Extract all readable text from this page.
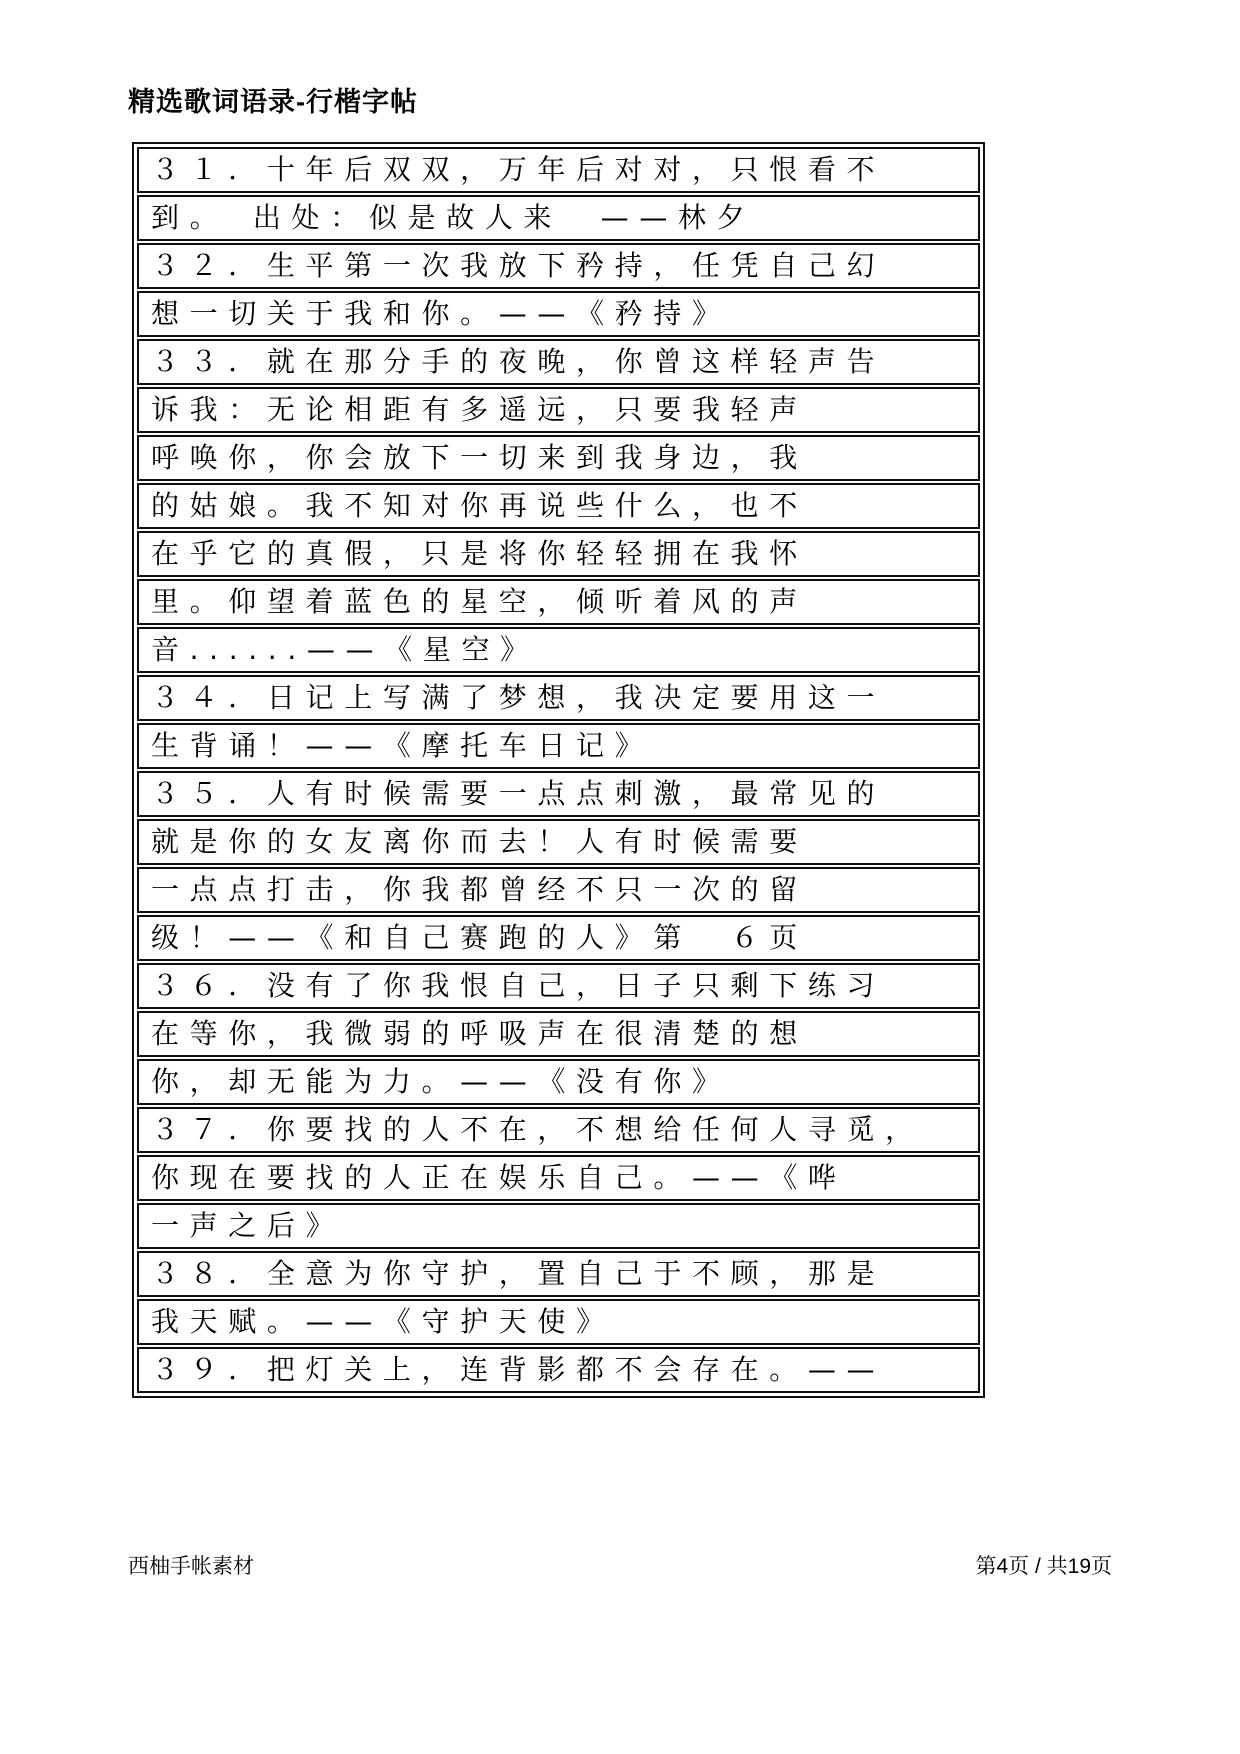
精选歌词语录-行楷字帖
３１．十年后双双，万年后对对，只恨看不
到。　出处：似是故人来　——林夕
３２．生平第一次我放下矜持，任凭自己幻
想一切关于我和你。——《矜持》
３３．就在那分手的夜晚，你曾这样轻声告
诉我：无论相距有多遥远，只要我轻声
呼唤你，你会放下一切来到我身边，我
的姑娘。我不知对你再说些什么，也不
在乎它的真假，只是将你轻轻拥在我怀
里。仰望着蓝色的星空，倾听着风的声
音......——《星空》
３４．日记上写满了梦想，我决定要用这一
生背诵！——《摩托车日记》
３５．人有时候需要一点点刺激，最常见的
就是你的女友离你而去！人有时候需要
一点点打击，你我都曾经不只一次的留
级！——《和自己赛跑的人》第　６页
３６．没有了你我恨自己，日子只剩下练习
在等你，我微弱的呼吸声在很清楚的想
你，却无能为力。——《没有你》
３７．你要找的人不在，不想给任何人寻觅，
你现在要找的人正在娱乐自己。——《哗
一声之后》
３８．全意为你守护，置自己于不顾，那是
我天赋。——《守护天使》
３９．把灯关上，连背影都不会存在。——
西柚手帐素材	第4页 / 共19页
